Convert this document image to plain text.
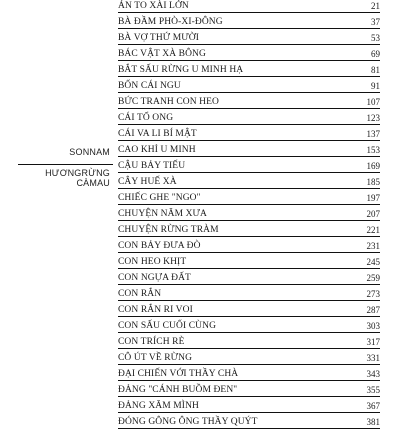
SONNAM
HƯƠNGRỪNG
CÀMAU
ÁN TO XÀI LỚN	21
BÀ ĐẦM PHÒ-XI-ĐÔNG	37
BÀ VỢ THỨ MƯỜI	53
BÁC VẬT XÀ BÔNG	69
BẮT SẤU RỪNG U MINH HẠ	81
BỐN CÁI NGU	91
BỨC TRANH CON HEO	107
CÁI TỔ ONG	123
CÁI VA LI BÍ MẬT	137
CAO KHỈ U MINH	153
CẬU BẢY TIẾU	169
CÂY HUẾ XÀ	185
CHIẾC GHE "NGO"	197
CHUYỆN NĂM XƯA	207
CHUYỆN RỪNG TRÀM	221
CON BẢY ĐƯA ĐÒ	231
CON HEO KHỊT	245
CON NGỰA ĐẤT	259
CON RẮN	273
CON RẮN RI VOI	287
CON SẤU CUỐI CÙNG	303
CON TRÍCH RÈ	317
CÔ ÚT VỀ RỪNG	331
ĐẠI CHIẾN VỚI THẦY CHÀ	343
ĐẢNG "CÁNH BUỒM ĐEN"	355
ĐẢNG XĂM MÌNH	367
ĐÓNG GÔNG ÔNG THẦY QUÝT	381
